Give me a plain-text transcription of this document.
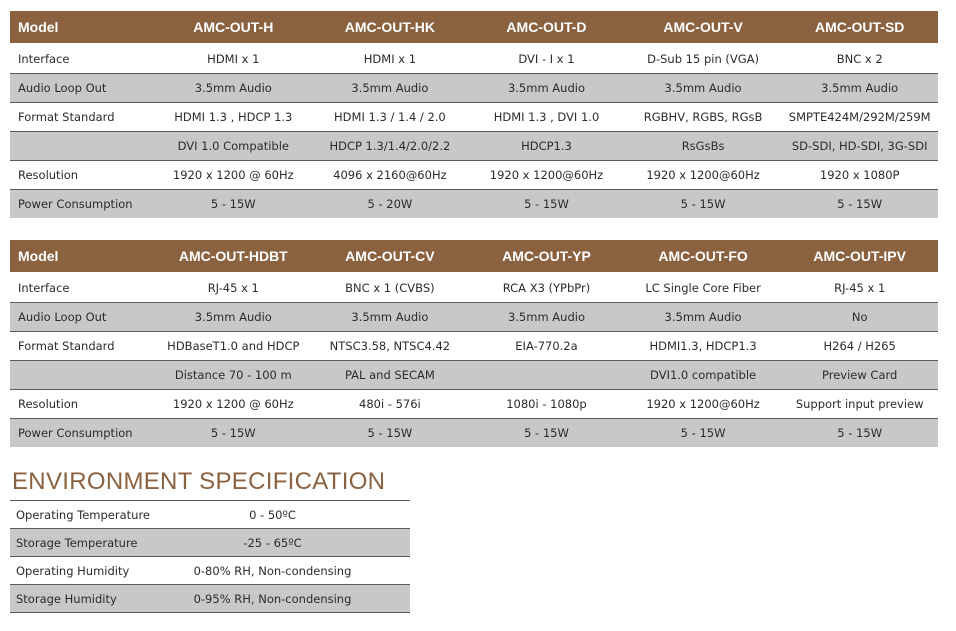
Model	AMC-OUT-H	AMC-OUT-HK	AMC-OUT-D	AMC-OUT-V	AMC-OUT-SD
Interface	HDMI x 1	HDMI x 1	DVI - I x 1	D-Sub 15 pin (VGA)	BNC x 2
Audio Loop Out	3.5mm Audio	3.5mm Audio	3.5mm Audio	3.5mm Audio	3.5mm Audio
Format Standard	HDMI 1.3 , HDCP 1.3	HDMI 1.3 / 1.4 / 2.0	HDMI 1.3 , DVI 1.0	RGBHV, RGBS, RGsB	SMPTE424M/292M/259M
	DVI 1.0 Compatible	HDCP 1.3/1.4/2.0/2.2	HDCP1.3	RsGsBs	SD-SDI, HD-SDI, 3G-SDI
Resolution	1920 x 1200 @ 60Hz	4096 x 2160@60Hz	1920 x 1200@60Hz	1920 x 1200@60Hz	1920 x 1080P
Power Consumption	5 - 15W	5 - 20W	5 - 15W	5 - 15W	5 - 15W
Model	AMC-OUT-HDBT	AMC-OUT-CV	AMC-OUT-YP	AMC-OUT-FO	AMC-OUT-IPV
Interface	RJ-45 x 1	BNC x 1 (CVBS)	RCA X3 (YPbPr)	LC Single Core Fiber	RJ-45 x 1
Audio Loop Out	3.5mm Audio	3.5mm Audio	3.5mm Audio	3.5mm Audio	No
Format Standard	HDBaseT1.0 and HDCP	NTSC3.58, NTSC4.42	EIA-770.2a	HDMI1.3, HDCP1.3	H264 / H265
	Distance 70 - 100 m	PAL and SECAM		DVI1.0 compatible	Preview Card
Resolution	1920 x 1200 @ 60Hz	480i - 576i	1080i - 1080p	1920 x 1200@60Hz	Support input preview
Power Consumption	5 - 15W	5 - 15W	5 - 15W	5 - 15W	5 - 15W
ENVIRONMENT SPECIFICATION
Operating Temperature	0 - 50ºC
Storage Temperature	-25 - 65ºC
Operating Humidity	0-80% RH, Non-condensing
Storage Humidity	0-95% RH, Non-condensing
